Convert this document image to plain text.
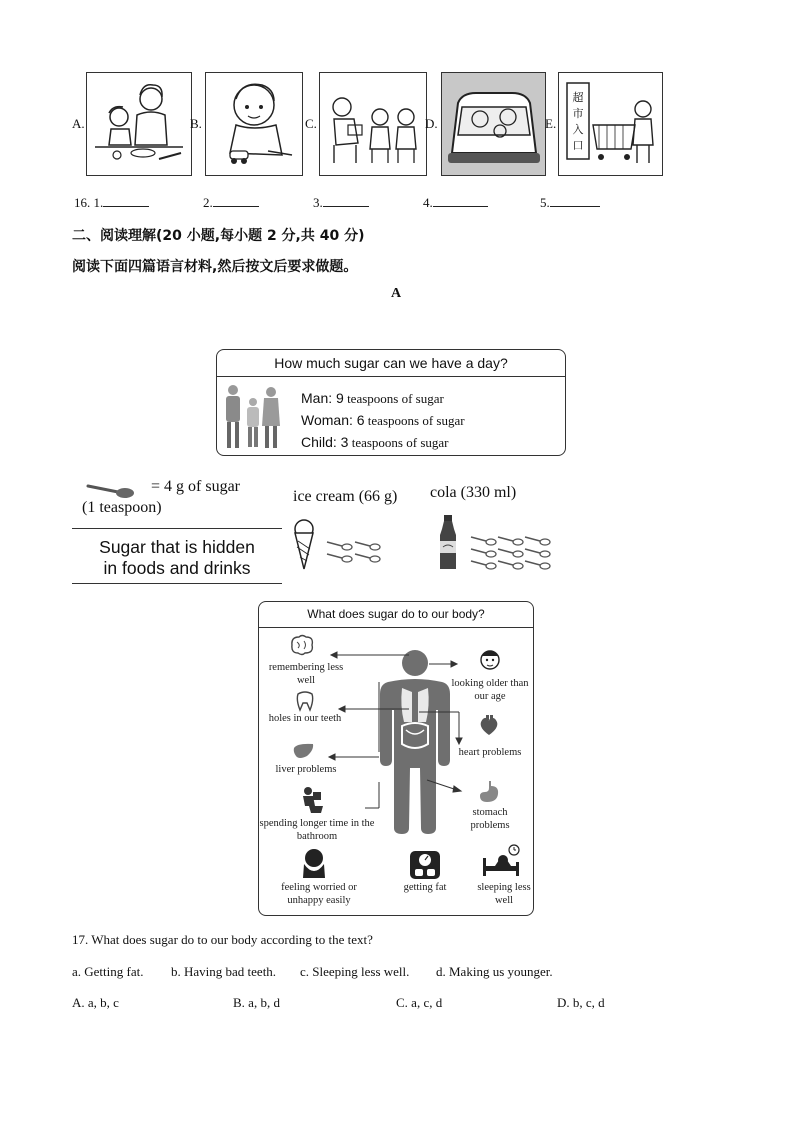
A.	B.	C.	D.	E.
超
市
入
口
16. 1.	2.	3.	4.	5.
二、阅读理解(20 小题,每小题 2 分,共 40 分)
阅读下面四篇语言材料,然后按文后要求做题。
A
How much sugar can we have a day?
Man: 9 teaspoons of sugar
Woman: 6 teaspoons of sugar
Child: 3 teaspoons of sugar
= 4 g of sugar
(1 teaspoon)
Sugar that is hidden
in foods and drinks
ice cream (66 g) cola (330 ml)
What does sugar do to our body?
remembering less well
holes in our teeth
liver problems
spending longer time in the bathroom
feeling worried or unhappy easily
looking older than our age
heart problems
stomach problems
sleeping less well
getting fat
17. What does sugar do to our body according to the text?
a. Getting fat. b. Having bad teeth. c. Sleeping less well. d. Making us younger.
A. a, b, c	B. a, b, d	C. a, c, d	D. b, c, d
